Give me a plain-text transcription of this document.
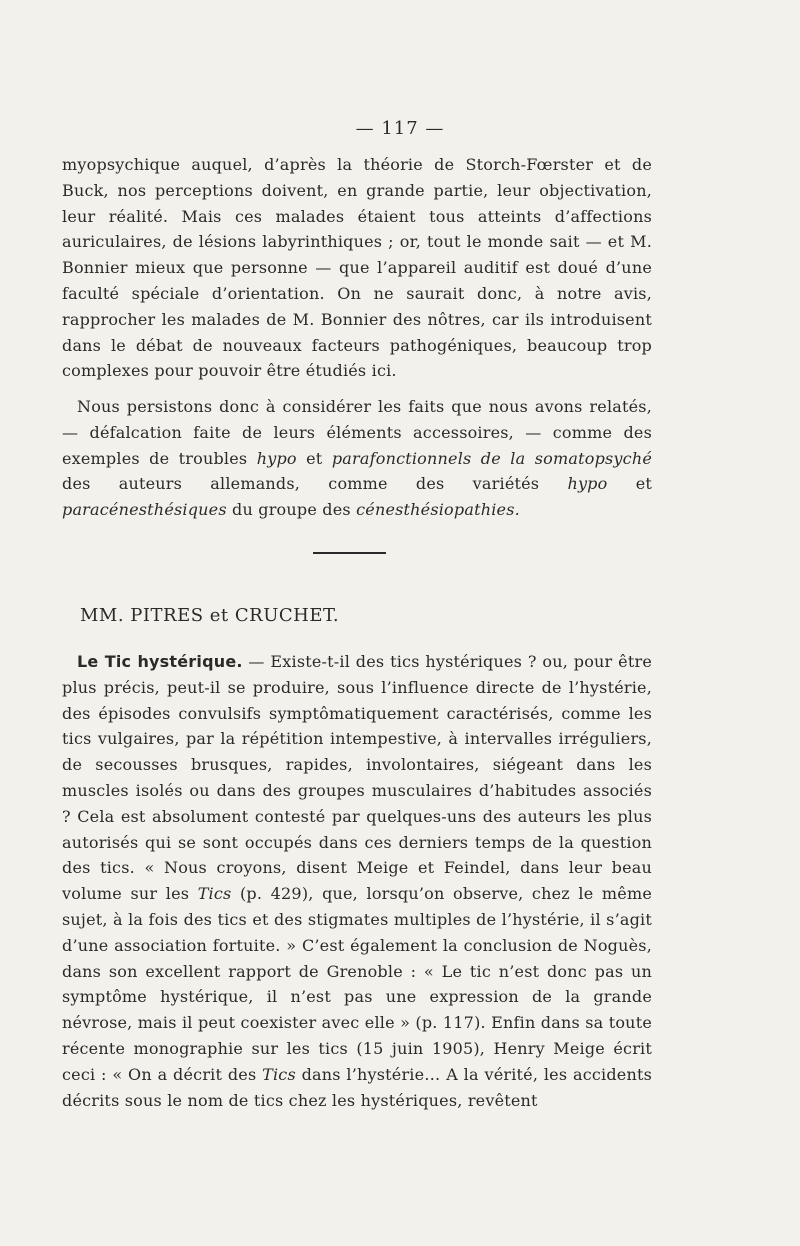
— 117 —

myopsychique auquel, d’après la théorie de Storch-Fœrster et de Buck, nos perceptions doivent, en grande partie, leur objectivation, leur réalité. Mais ces malades étaient tous atteints d’affections auriculaires, de lésions labyrinthiques ; or, tout le monde sait — et M. Bonnier mieux que personne — que l’appareil auditif est doué d’une faculté spéciale d’orientation. On ne saurait donc, à notre avis, rapprocher les malades de M. Bonnier des nôtres, car ils introduisent dans le débat de nouveaux facteurs pathogéniques, beaucoup trop complexes pour pouvoir être étudiés ici.

Nous persistons donc à considérer les faits que nous avons relatés, — défalcation faite de leurs éléments accessoires, — comme des exemples de troubles hypo et parafonctionnels de la somatopsyché des auteurs allemands, comme des variétés hypo et paracénesthésiques du groupe des cénesthésiopathies.

MM. PITRES et CRUCHET.

Le Tic hystérique. — Existe-t-il des tics hystériques ? ou, pour être plus précis, peut-il se produire, sous l’influence directe de l’hystérie, des épisodes convulsifs symptômatiquement caractérisés, comme les tics vulgaires, par la répétition intempestive, à intervalles irréguliers, de secousses brusques, rapides, involontaires, siégeant dans les muscles isolés ou dans des groupes musculaires d’habitudes associés ? Cela est absolument contesté par quelques-uns des auteurs les plus autorisés qui se sont occupés dans ces derniers temps de la question des tics. « Nous croyons, disent Meige et Feindel, dans leur beau volume sur les Tics (p. 429), que, lorsqu’on observe, chez le même sujet, à la fois des tics et des stigmates multiples de l’hystérie, il s’agit d’une association fortuite. » C’est également la conclusion de Noguès, dans son excellent rapport de Grenoble : « Le tic n’est donc pas un symptôme hystérique, il n’est pas une expression de la grande névrose, mais il peut coexister avec elle » (p. 117). Enfin dans sa toute récente monographie sur les tics (15 juin 1905), Henry Meige écrit ceci : « On a décrit des Tics dans l’hystérie… A la vérité, les accidents décrits sous le nom de tics chez les hystériques, revêtent
